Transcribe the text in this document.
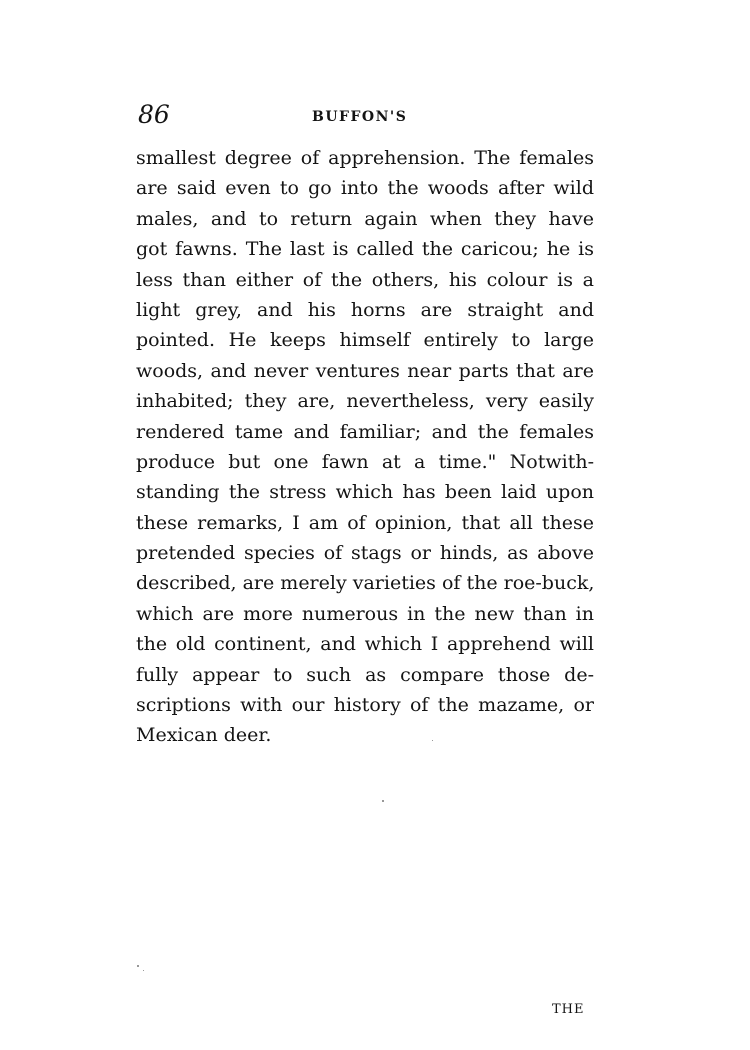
86	BUFFON'S
smallest degree of apprehension. The females
are said even to go into the woods after wild
males, and to return again when they have
got fawns. The last is called the caricou; he is
less than either of the others, his colour is a
light grey, and his horns are straight and
pointed. He keeps himself entirely to large
woods, and never ventures near parts that are
inhabited; they are, nevertheless, very easily
rendered tame and familiar; and the females
produce but one fawn at a time." Notwith-
standing the stress which has been laid upon
these remarks, I am of opinion, that all these
pretended species of stags or hinds, as above
described, are merely varieties of the roe-buck,
which are more numerous in the new than in
the old continent, and which I apprehend will
fully appear to such as compare those de-
scriptions with our history of the mazame, or
Mexican deer.
THE
